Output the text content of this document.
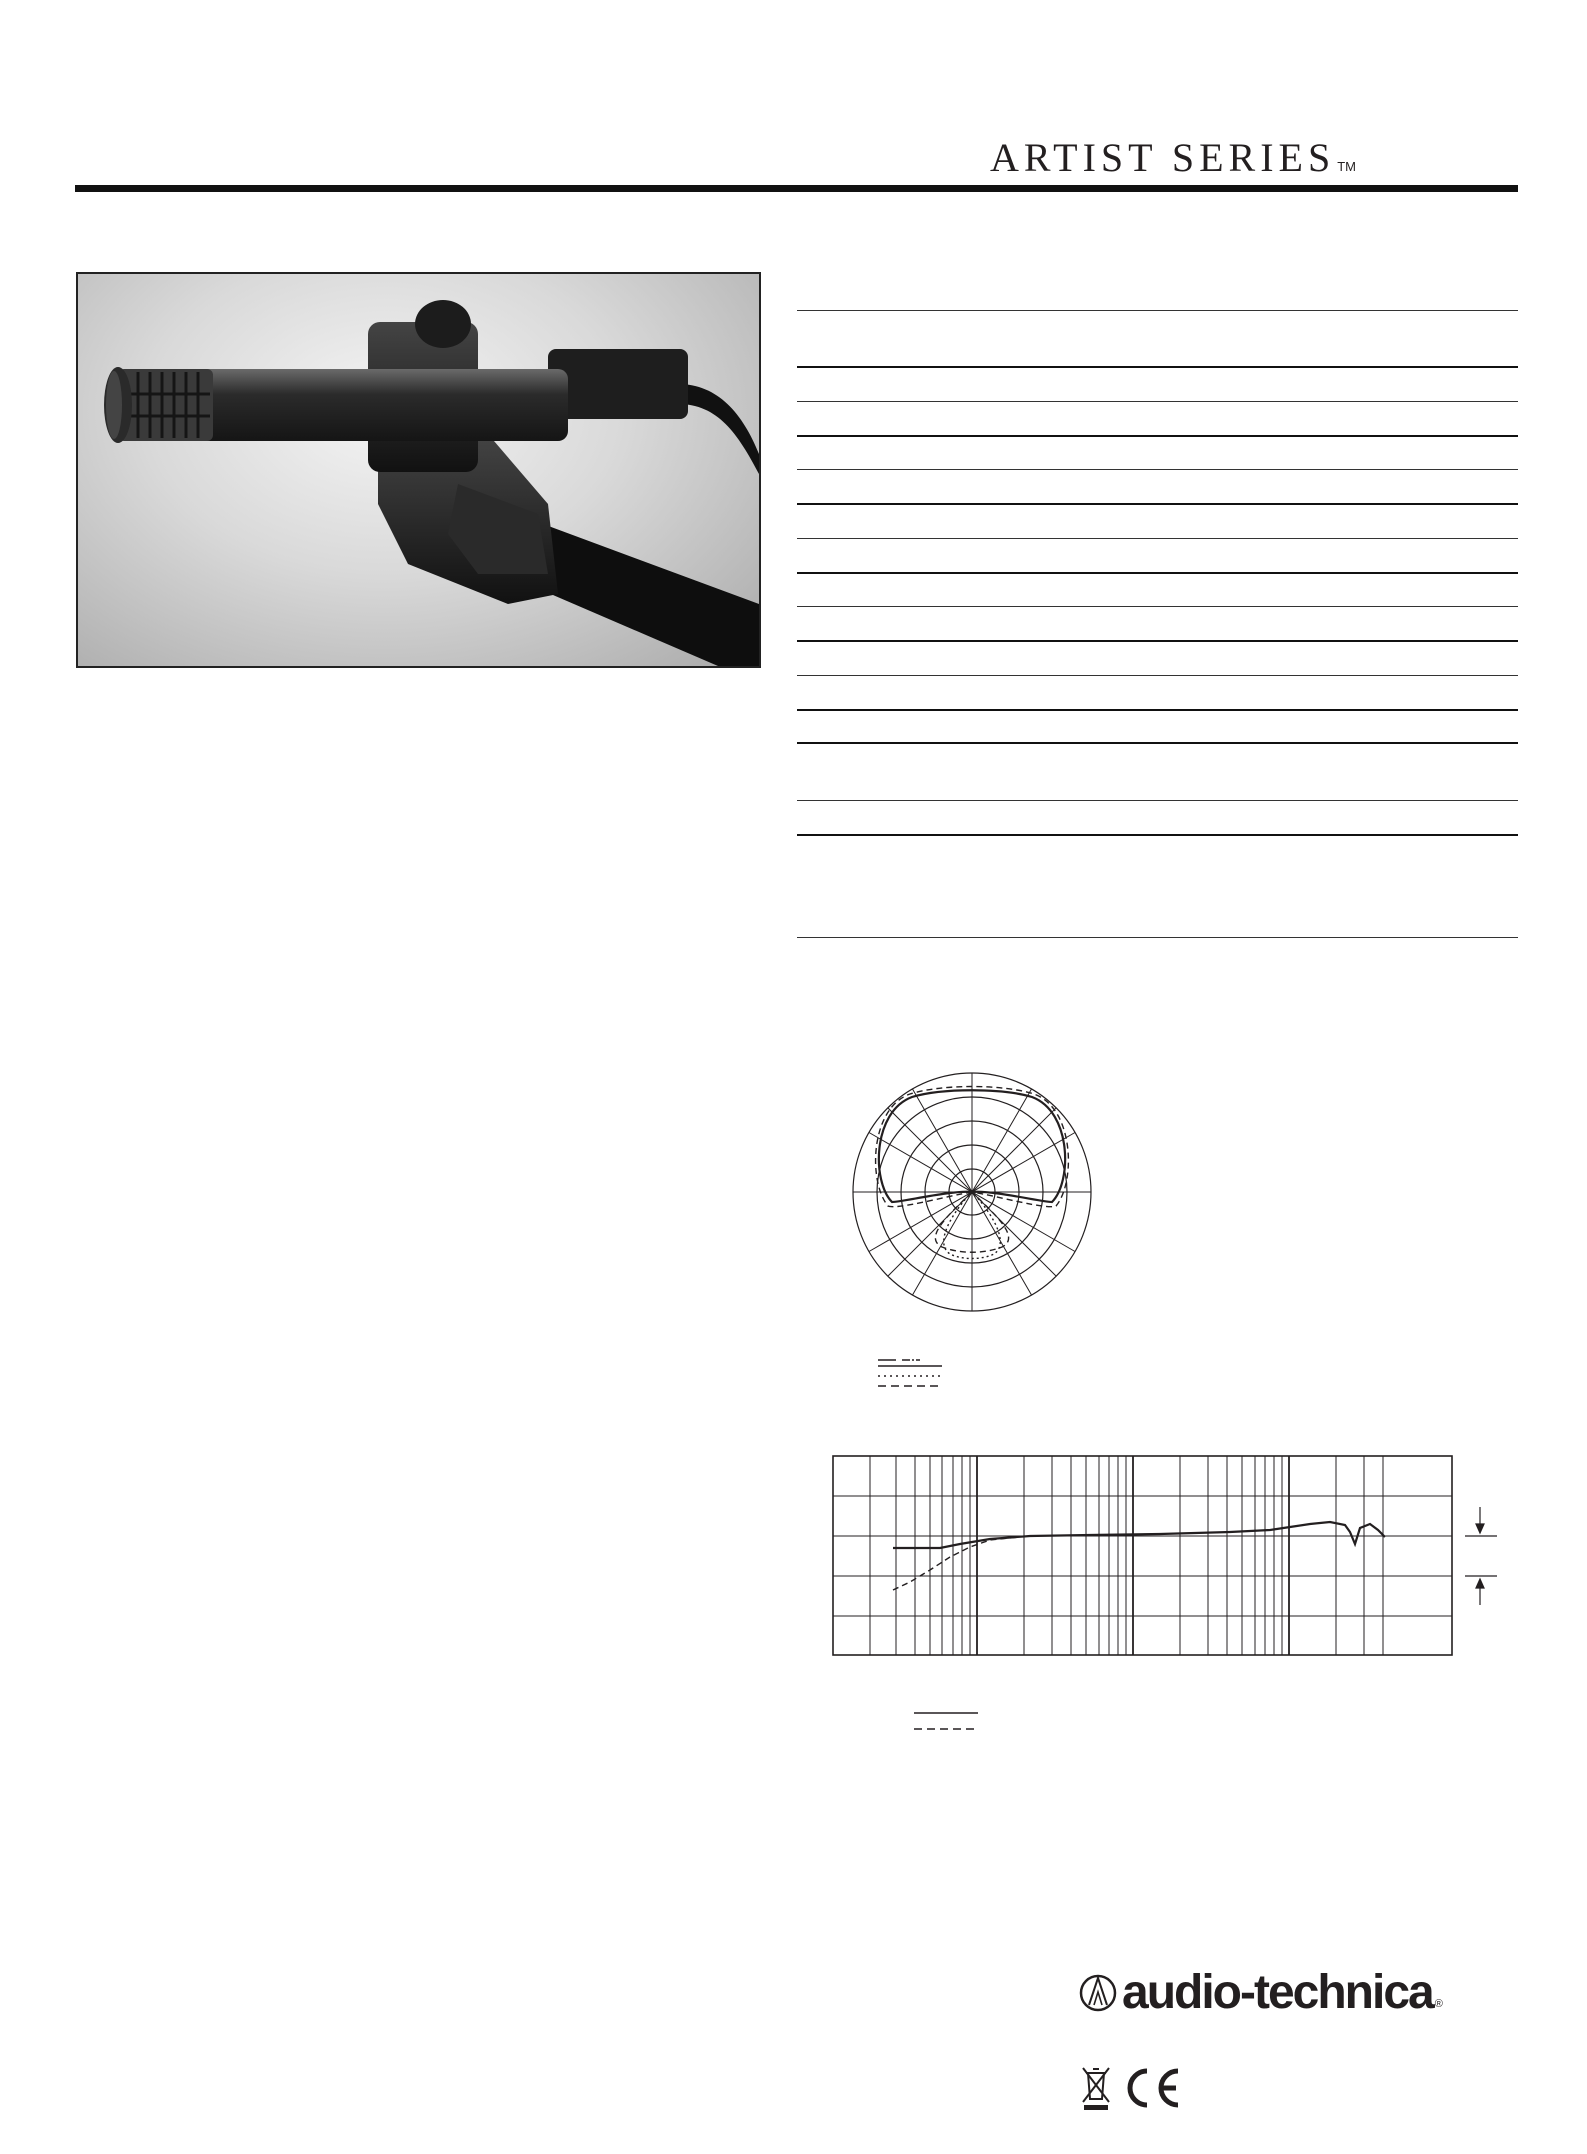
ARTIST SERIES TM
audio-technica ®
